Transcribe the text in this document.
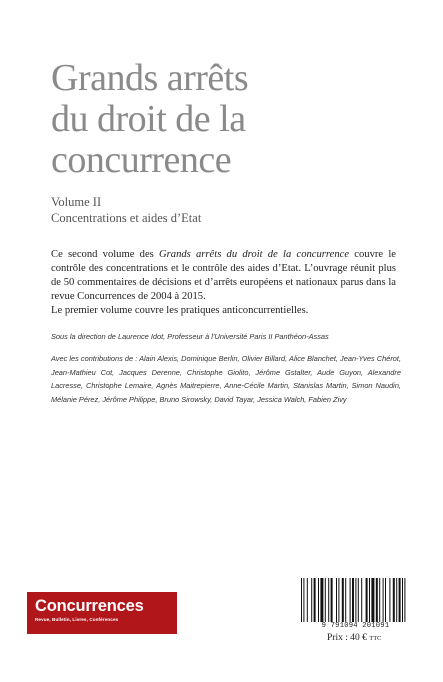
Grands arrêts
du droit de la
concurrence
Volume II
Concentrations et aides d’Etat

Ce second volume des Grands arrêts du droit de la concurrence couvre le contrôle des concentrations et le contrôle des aides d’Etat. L’ouvrage réunit plus de 50 commentaires de décisions et d’arrêts européens et nationaux parus dans la revue Concurrences de 2004 à 2015.

Le premier volume couvre les pratiques anticoncurrentielles.

Sous la direction de Laurence Idot, Professeur à l’Université Paris II Panthéon-Assas
Avec les contributions de : Alain Alexis, Dominique Berlin, Olivier Billard, Alice Blanchet, Jean-Yves Chérot, Jean-Mathieu Cot, Jacques Derenne, Christophe Giolito, Jérôme Gstalter, Aude Guyon, Alexandre Lacresse, Christophe Lemaire, Agnès Maitrepierre, Anne-Cécile Martin, Stanislas Martin, Simon Naudin, Mélanie Pérez, Jérôme Philippe, Bruno Sirowsky, David Tayar, Jessica Walch, Fabien Zivy
Concurrences
Revue, Bulletin, Livres, Conférences
9 791094 201091
Prix : 40 € TTC
